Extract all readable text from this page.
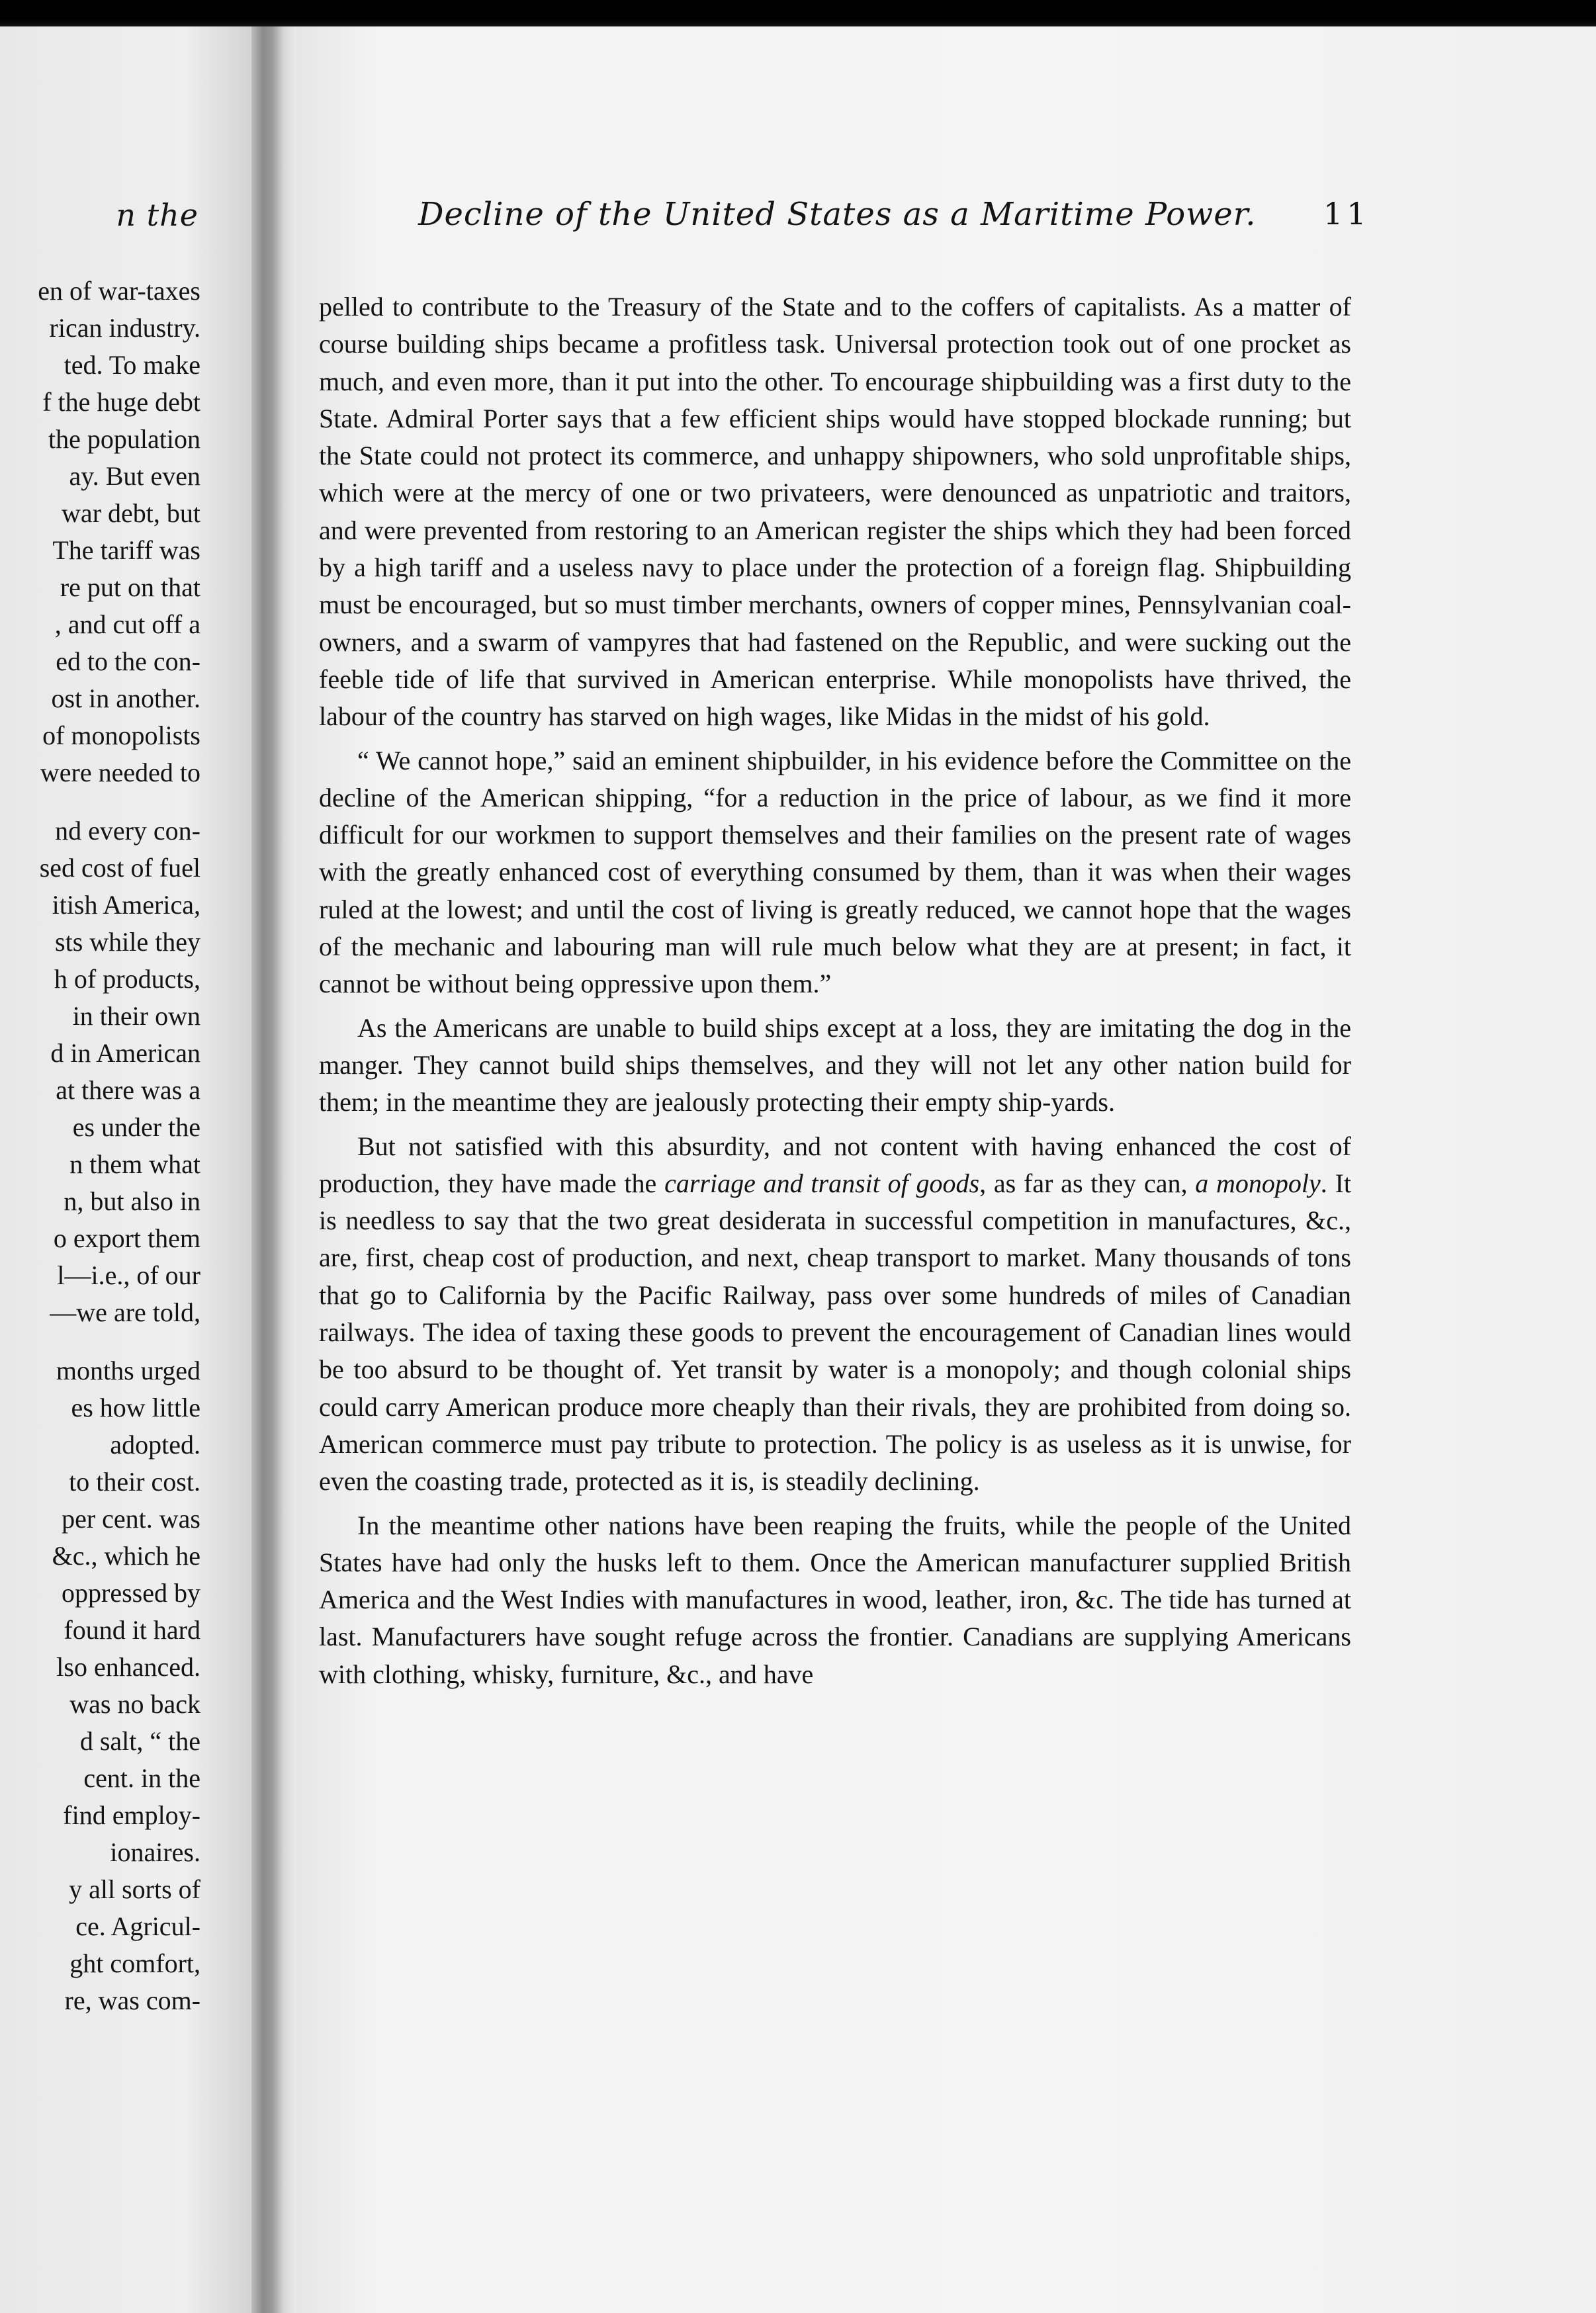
n the
en of war-taxes
rican industry.
ted. To make
f the huge debt
the population
ay. But even
war debt, but
The tariff was
re put on that
, and cut off a
ed to the con-
ost in another.
of monopolists
were needed to
nd every con-
sed cost of fuel
itish America,
sts while they
h of products,
in their own
d in American
at there was a
es under the
n them what
n, but also in
o export them
l—i.e., of our
—we are told,
months urged
es how little
adopted.
to their cost.
per cent. was
&c., which he
oppressed by
found it hard
lso enhanced.
was no back
d salt, “ the
cent. in the
find employ-
ionaires.
y all sorts of
ce. Agricul-
ght comfort,
re, was com-
Decline of the United States as a Maritime Power.	11

pelled to contribute to the Treasury of the State and to the coffers of capitalists. As a matter of course building ships became a profitless task. Universal protection took out of one procket as much, and even more, than it put into the other. To encourage shipbuilding was a first duty to the State. Admiral Porter says that a few efficient ships would have stopped blockade running; but the State could not protect its commerce, and unhappy shipowners, who sold unprofitable ships, which were at the mercy of one or two privateers, were denounced as unpatriotic and traitors, and were prevented from restoring to an American register the ships which they had been forced by a high tariff and a useless navy to place under the protection of a foreign flag. Shipbuilding must be encouraged, but so must timber merchants, owners of copper mines, Pennsylvanian coal-owners, and a swarm of vampyres that had fastened on the Republic, and were sucking out the feeble tide of life that survived in American enterprise. While monopolists have thrived, the labour of the country has starved on high wages, like Midas in the midst of his gold.

“ We cannot hope,” said an eminent shipbuilder, in his evidence before the Committee on the decline of the American shipping, “for a reduction in the price of labour, as we find it more difficult for our workmen to support themselves and their families on the present rate of wages with the greatly enhanced cost of everything consumed by them, than it was when their wages ruled at the lowest; and until the cost of living is greatly reduced, we cannot hope that the wages of the mechanic and labouring man will rule much below what they are at present; in fact, it cannot be without being oppressive upon them.”

As the Americans are unable to build ships except at a loss, they are imitating the dog in the manger. They cannot build ships themselves, and they will not let any other nation build for them; in the meantime they are jealously protecting their empty ship-yards.

But not satisfied with this absurdity, and not content with having enhanced the cost of production, they have made the carriage and transit of goods, as far as they can, a monopoly. It is needless to say that the two great desiderata in successful competition in manufactures, &c., are, first, cheap cost of production, and next, cheap transport to market. Many thousands of tons that go to California by the Pacific Railway, pass over some hundreds of miles of Canadian railways. The idea of taxing these goods to prevent the encouragement of Canadian lines would be too absurd to be thought of. Yet transit by water is a monopoly; and though colonial ships could carry American produce more cheaply than their rivals, they are prohibited from doing so. American commerce must pay tribute to protection. The policy is as useless as it is unwise, for even the coasting trade, protected as it is, is steadily declining.

In the meantime other nations have been reaping the fruits, while the people of the United States have had only the husks left to them. Once the American manufacturer supplied British America and the West Indies with manufactures in wood, leather, iron, &c. The tide has turned at last. Manufacturers have sought refuge across the frontier. Canadians are supplying Americans with clothing, whisky, furniture, &c., and have
